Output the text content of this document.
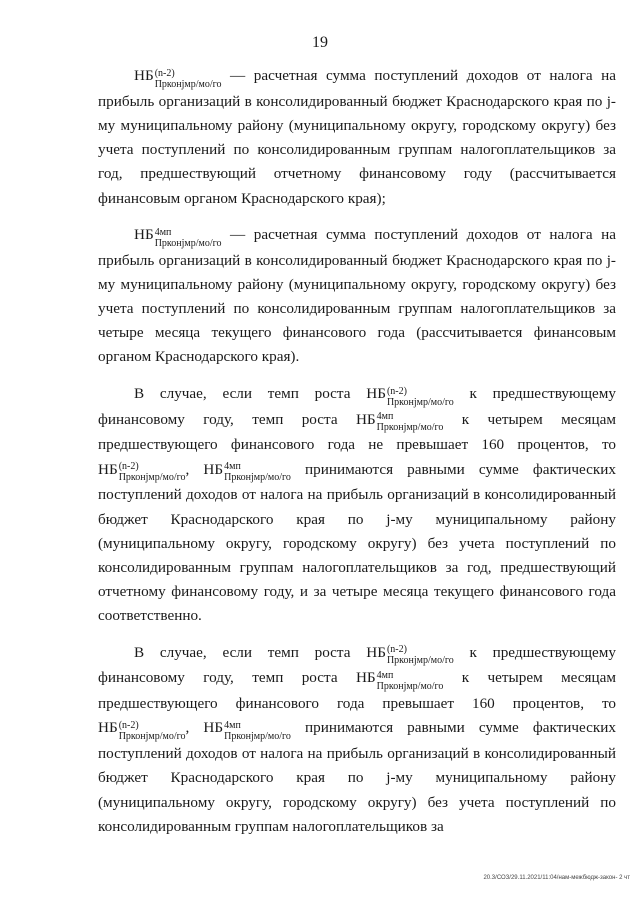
19

НБ (n-2)
Прконjмр/мо/го
— расчетная сумма поступлений доходов от налога на прибыль организаций в консолидированный бюджет Краснодарского края по j-му муниципальному району (муниципальному округу, городскому округу) без учета поступлений по консолидированным группам налогоплательщиков за год, предшествующий отчетному финансовому году (рассчитывается финансовым органом Краснодарского края);

НБ 4мп
Прконjмр/мо/го
— расчетная сумма поступлений доходов от налога на прибыль организаций в консолидированный бюджет Краснодарского края по j-му муниципальному району (муниципальному округу, городскому округу) без учета поступлений по консолидированным группам налогоплательщиков за четыре месяца текущего финансового года (рассчитывается финансовым органом Краснодарского края).

В случае, если темп роста НБ (n-2)
Прконjмр/мо/го
к предшествующему финансовому году, темп роста НБ 4мп
Прконjмр/мо/го
к четырем месяцам предшествующего финансового года не превышает 160 процентов, то НБ (n-2)
Прконjмр/мо/го
, НБ 4мп
Прконjмр/мо/го
принимаются равными сумме фактических поступлений доходов от налога на прибыль организаций в консолидированный бюджет Краснодарского края по j-му муниципальному району (муниципальному округу, городскому округу) без учета поступлений по консолидированным группам налогоплательщиков за год, предшествующий отчетному финансовому году, и за четыре месяца текущего финансового года соответственно.

В случае, если темп роста НБ (n-2)
Прконjмр/мо/го
к предшествующему финансовому году, темп роста НБ 4мп
Прконjмр/мо/го
к четырем месяцам предшествующего финансового года превышает 160 процентов, то НБ (n-2)
Прконjмр/мо/го
, НБ 4мп
Прконjмр/мо/го
принимаются равными сумме фактических поступлений доходов от налога на прибыль организаций в консолидированный бюджет Краснодарского края по j-му муниципальному району (муниципальному округу, городскому округу) без учета поступлений по консолидированным группам налогоплательщиков за

20.3/СОЗ/29.11.2021/11:04/нам-межбюдж-закон- 2 чт
